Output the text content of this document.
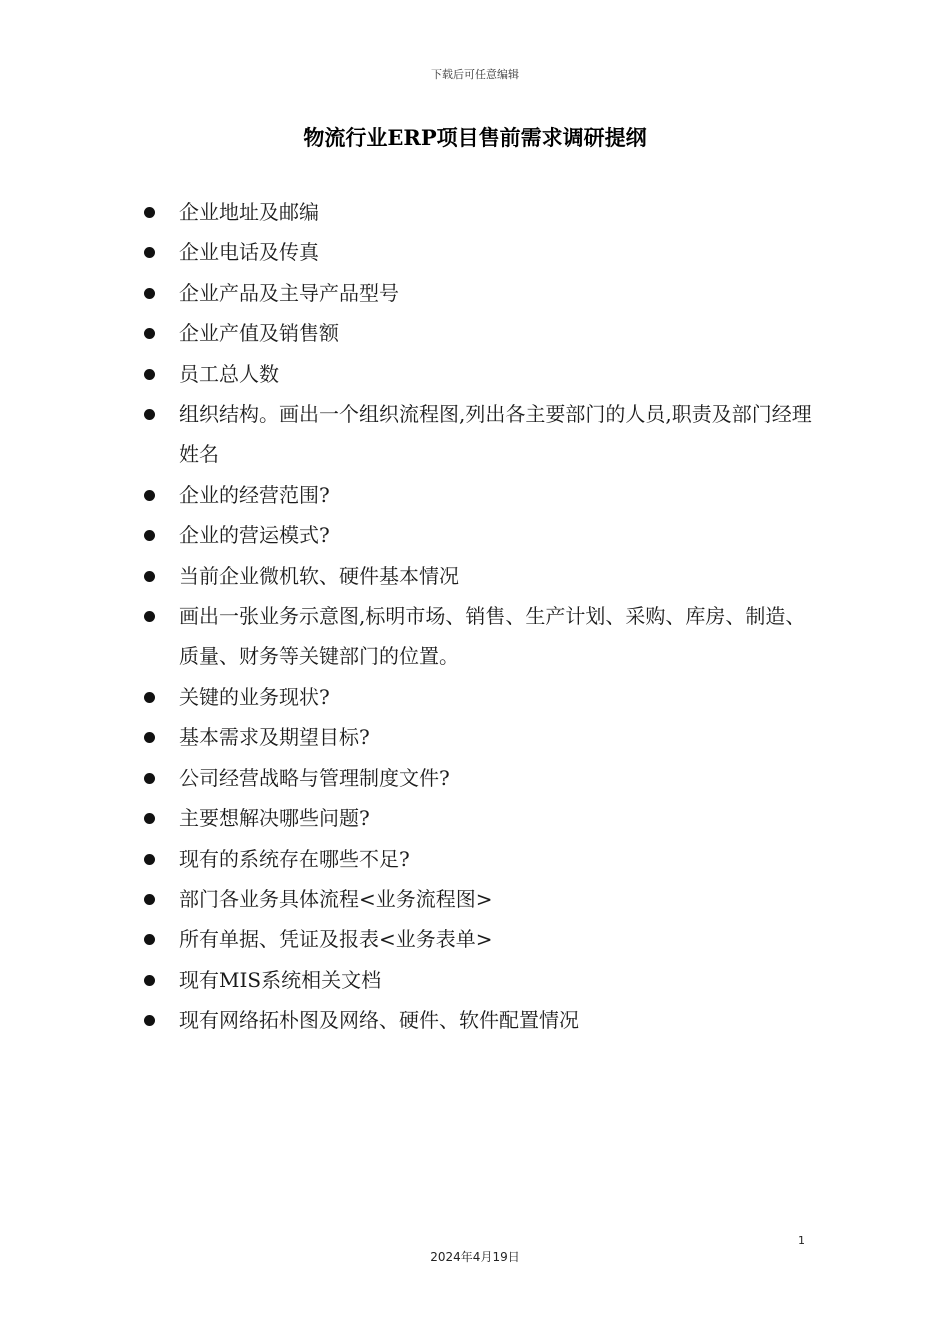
下载后可任意编辑
物流行业ERP项目售前需求调研提纲
企业地址及邮编
企业电话及传真
企业产品及主导产品型号
企业产值及销售额
员工总人数
组织结构。画出一个组织流程图,列出各主要部门的人员,职责及部门经理姓名
企业的经营范围?
企业的营运模式?
当前企业微机软、硬件基本情况
画出一张业务示意图,标明市场、销售、生产计划、采购、库房、制造、质量、财务等关键部门的位置。
关键的业务现状?
基本需求及期望目标?
公司经营战略与管理制度文件?
主要想解决哪些问题?
现有的系统存在哪些不足?
部门各业务具体流程<业务流程图>
所有单据、凭证及报表<业务表单>
现有MIS系统相关文档
现有网络拓朴图及网络、硬件、软件配置情况
1
2024年4月19日
